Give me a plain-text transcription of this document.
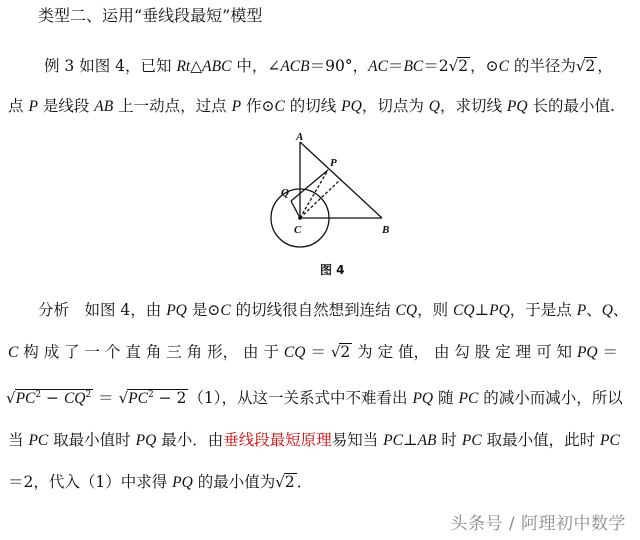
类型二、运用“垂线段最短”模型
例 3 如图 4，已知 Rt△ABC 中，∠ACB＝90°，AC＝BC＝2√2 ，⊙C 的半径为√2 ，
点 P 是线段 AB 上一动点，过点 P 作⊙C 的切线 PQ，切点为 Q，求切线 PQ 长的最小值.
A
P
Q
C	B
图 4
分析　如图 4，由 PQ 是⊙C 的切线很自然想到连结 CQ，则 CQ⊥PQ，于是点 P、Q、
C 构 成 了 一 个 直 角 三 角 形， 由 于 CQ ＝ √2 为 定 值， 由 勾 股 定 理 可 知 PQ ＝
$√PC^2 - CQ^2 = √PC^2 - 2$ （1），从这一关系式中不难看出 PQ 随 PC 的减小而减小，所以
当 PC 取最小值时 PQ 最小．由垂线段最短原理易知当 PC⊥AB 时 PC 取最小值，此时 PC
＝2，代入（1）中求得 PQ 的最小值为√2 ．
头条号 / 阿理初中数学
